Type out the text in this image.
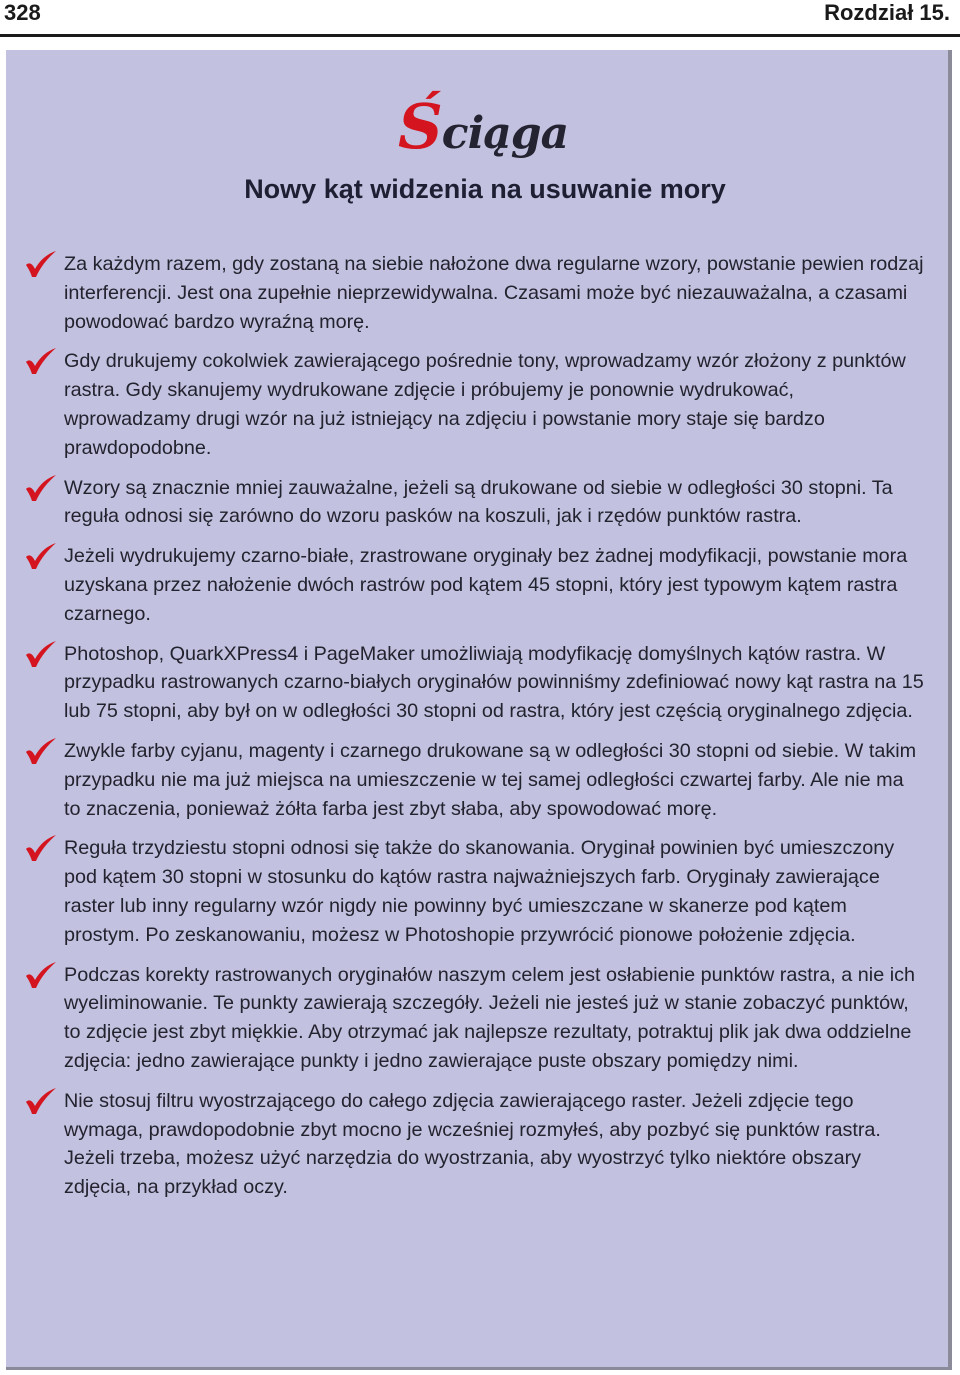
328	Rozdział 15.
Ściąga
Nowy kąt widzenia na usuwanie mory
Za każdym razem, gdy zostaną na siebie nałożone dwa regularne wzory, powstanie pewien rodzaj interferencji. Jest ona zupełnie nieprzewidywalna. Czasami może być niezauważalna, a czasami powodować bardzo wyraźną morę.
Gdy drukujemy cokolwiek zawierającego pośrednie tony, wprowadzamy wzór złożony z punktów rastra. Gdy skanujemy wydrukowane zdjęcie i próbujemy je ponownie wydrukować, wprowadzamy drugi wzór na już istniejący na zdjęciu i powstanie mory staje się bardzo prawdopodobne.
Wzory są znacznie mniej zauważalne, jeżeli są drukowane od siebie w odległości 30 stopni. Ta reguła odnosi się zarówno do wzoru pasków na koszuli, jak i rzędów punktów rastra.
Jeżeli wydrukujemy czarno-białe, zrastrowane oryginały bez żadnej modyfikacji, powstanie mora uzyskana przez nałożenie dwóch rastrów pod kątem 45 stopni, który jest typowym kątem rastra czarnego.
Photoshop, QuarkXPress4 i PageMaker umożliwiają modyfikację domyślnych kątów rastra. W przypadku rastrowanych czarno-białych oryginałów powinniśmy zdefiniować nowy kąt rastra na 15 lub 75 stopni, aby był on w odległości 30 stopni od rastra, który jest częścią oryginalnego zdjęcia.
Zwykle farby cyjanu, magenty i czarnego drukowane są w odległości 30 stopni od siebie. W takim przypadku nie ma już miejsca na umieszczenie w tej samej odległości czwartej farby. Ale nie ma to znaczenia, ponieważ żółta farba jest zbyt słaba, aby spowodować morę.
Reguła trzydziestu stopni odnosi się także do skanowania. Oryginał powinien być umieszczony pod kątem 30 stopni w stosunku do kątów rastra najważniejszych farb. Oryginały zawierające raster lub inny regularny wzór nigdy nie powinny być umieszczane w skanerze pod kątem prostym. Po zeskanowaniu, możesz w Photoshopie przywrócić pionowe położenie zdjęcia.
Podczas korekty rastrowanych oryginałów naszym celem jest osłabienie punktów rastra, a nie ich wyeliminowanie. Te punkty zawierają szczegóły. Jeżeli nie jesteś już w stanie zobaczyć punktów, to zdjęcie jest zbyt miękkie. Aby otrzymać jak najlepsze rezultaty, potraktuj plik jak dwa oddzielne zdjęcia: jedno zawierające punkty i jedno zawierające puste obszary pomiędzy nimi.
Nie stosuj filtru wyostrzającego do całego zdjęcia zawierającego raster. Jeżeli zdjęcie tego wymaga, prawdopodobnie zbyt mocno je wcześniej rozmyłeś, aby pozbyć się punktów rastra. Jeżeli trzeba, możesz użyć narzędzia do wyostrzania, aby wyostrzyć tylko niektóre obszary zdjęcia, na przykład oczy.
